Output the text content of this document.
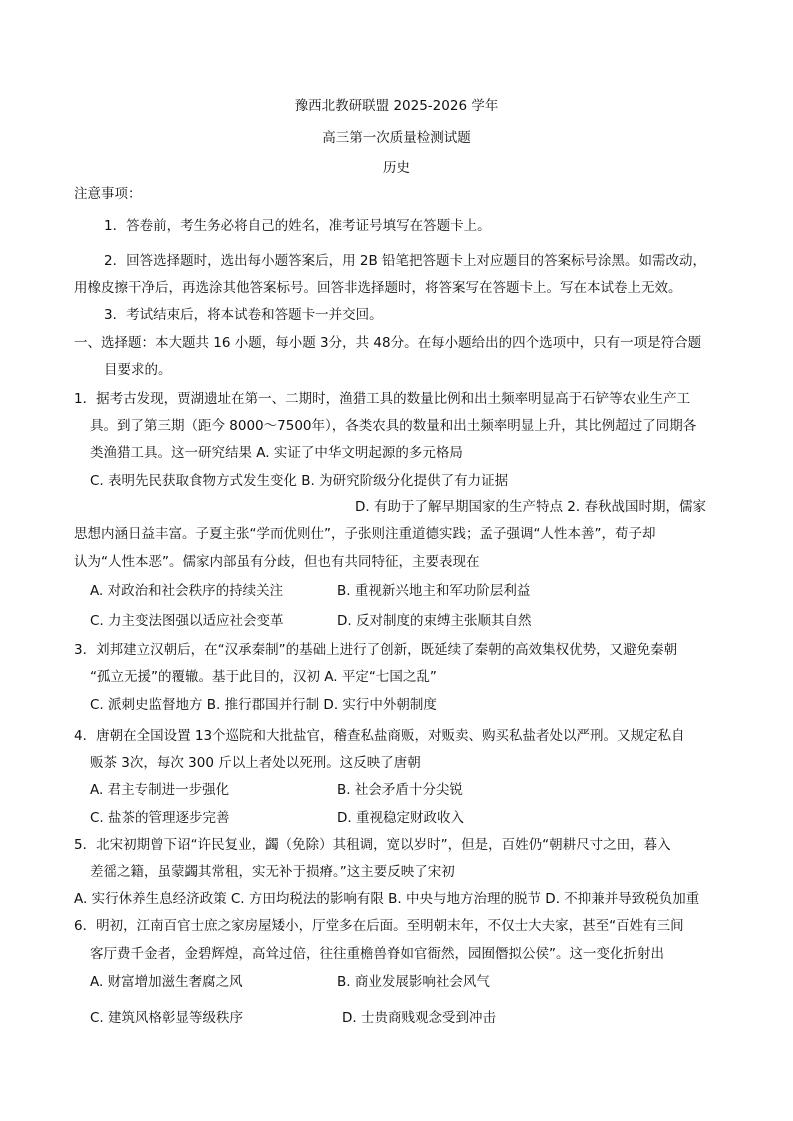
豫西北教研联盟 2025-2026 学年
高三第一次质量检测试题
历史
注意事项：
1．答卷前，考生务必将自己的姓名，准考证号填写在答题卡上。
2．回答选择题时，选出每小题答案后，用 2B 铅笔把答题卡上对应题目的答案标号涂黑。如需改动，
用橡皮擦干净后，再选涂其他答案标号。回答非选择题时，将答案写在答题卡上。写在本试卷上无效。
3．考试结束后，将本试卷和答题卡一并交回。
一、选择题：本大题共 16 小题，每小题 3分，共 48分。在每小题给出的四个选项中，只有一项是符合题
目要求的。
1．据考古发现，贾湖遗址在第一、二期时，渔猎工具的数量比例和出土频率明显高于石铲等农业生产工
具。到了第三期（距今 8000～7500年），各类农具的数量和出土频率明显上升，其比例超过了同期各
类渔猎工具。这一研究结果 A. 实证了中华文明起源的多元格局
C. 表明先民获取食物方式发生变化 B. 为研究阶级分化提供了有力证据
D. 有助于了解早期国家的生产特点 2. 春秋战国时期，儒家
思想内涵日益丰富。子夏主张“学而优则仕”，子张则注重道德实践；孟子强调“人性本善”，荀子却
认为“人性本恶”。儒家内部虽有分歧，但也有共同特征，主要表现在
A. 对政治和社会秩序的持续关注	B. 重视新兴地主和军功阶层利益
C. 力主变法图强以适应社会变革	D. 反对制度的束缚主张顺其自然
3．刘邦建立汉朝后，在“汉承秦制”的基础上进行了创新，既延续了秦朝的高效集权优势，又避免秦朝
“孤立无援”的覆辙。基于此目的，汉初 A. 平定“七国之乱”
C. 派刺史监督地方 B. 推行郡国并行制 D. 实行中外朝制度
4．唐朝在全国设置 13个巡院和大批盐官，稽查私盐商贩，对贩卖、购买私盐者处以严刑。又规定私自
贩茶 3次，每次 300 斤以上者处以死刑。这反映了唐朝
A. 君主专制进一步强化	B. 社会矛盾十分尖锐
C. 盐茶的管理逐步完善	D. 重视稳定财政收入
5．北宋初期曾下诏“许民复业，蠲（免除）其租调，宽以岁时”，但是，百姓仍“朝耕尺寸之田，暮入
差徭之籍，虽蒙蠲其常租，实无补于损瘠。”这主要反映了宋初
A. 实行休养生息经济政策 C. 方田均税法的影响有限 B. 中央与地方治理的脱节 D. 不抑兼并导致税负加重
6．明初，江南百官士庶之家房屋矮小，厅堂多在后面。至明朝末年，不仅士大夫家，甚至“百姓有三间
客厅费千金者，金碧辉煌，高耸过倍，往往重檐兽脊如官衙然，园囿僭拟公侯”。这一变化折射出
A. 财富增加滋生奢腐之风	B. 商业发展影响社会风气
C. 建筑风格彰显等级秩序	D. 士贵商贱观念受到冲击
